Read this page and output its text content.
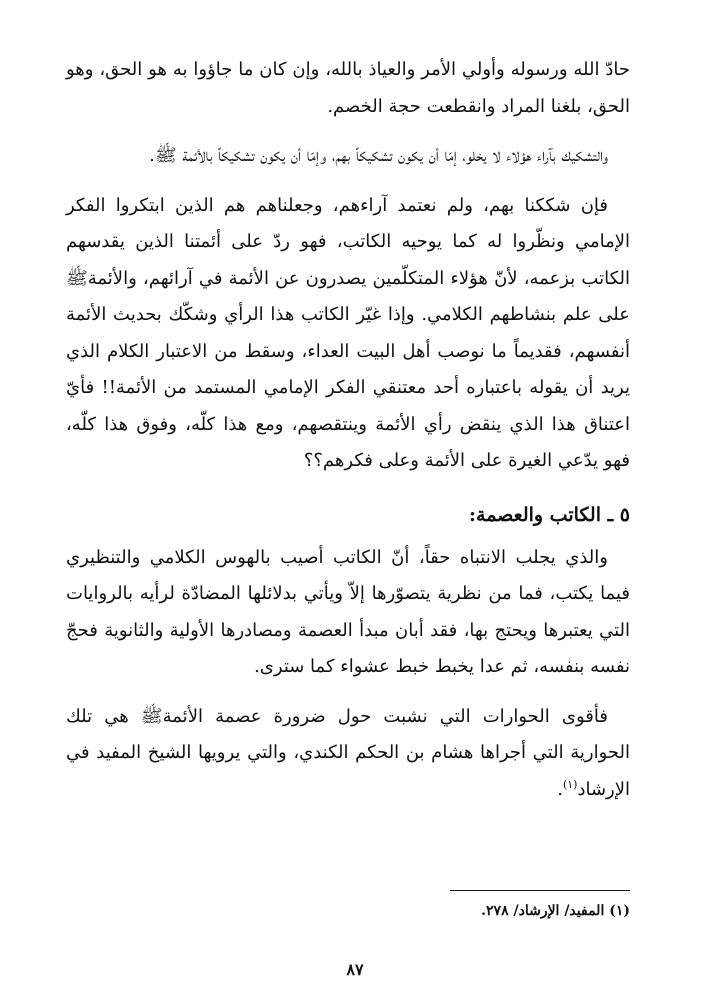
حادّ الله ورسوله وأولي الأمر والعياذ بالله، وإن كان ما جاؤوا به هو الحق، وهو الحق، بلغنا المراد وانقطعت حجة الخصم.

والتشكيك بآراء هؤلاء لا يخلو، إمّا أن يكون تشكيكاً بهم، وإمّا أن يكون تشكيكاً بالأئمة ﷺ.

فإن شككنا بهم، ولم نعتمد آراءهم، وجعلناهم هم الذين ابتكروا الفكر الإمامي ونظّروا له كما يوحيه الكاتب، فهو ردّ على أئمتنا الذين يقدسهم الكاتب بزعمه، لأنّ هؤلاء المتكلّمين يصدرون عن الأئمة في آرائهم، والأئمةﷺ على علم بنشاطهم الكلامي. وإذا غيّر الكاتب هذا الرأي وشكّك بحديث الأئمة أنفسهم، فقديماً ما نوصب أهل البيت العداء، وسقط من الاعتبار الكلام الذي يريد أن يقوله باعتباره أحد معتنقي الفكر الإمامي المستمد من الأئمة!! فأيّ اعتناق هذا الذي ينقض رأي الأئمة وينتقصهم، ومع هذا كلّه، وفوق هذا كلّه، فهو يدّعي الغيرة على الأئمة وعلى فكرهم؟؟

٥ ـ الكاتب والعصمة:

والذي يجلب الانتباه حقاً، أنّ الكاتب أصيب بالهوس الكلامي والتنظيري فيما يكتب، فما من نظرية يتصوّرها إلاّ ويأتي بدلائلها المضادّة لرأيه بالروايات التي يعتبرها ويحتج بها، فقد أبان مبدأ العصمة ومصادرها الأولية والثانوية فحجّ نفسه بنفسه، ثم عدا يخبط خبط عشواء كما سترى.

فأقوى الحوارات التي نشبت حول ضرورة عصمة الأئمةﷺ هي تلك الحوارية التي أجراها هشام بن الحكم الكندي، والتي يرويها الشيخ المفيد في الإرشاد$^{(١)}$.

(١) المفيد/ الإرشاد/ ٢٧٨.
٨٧
